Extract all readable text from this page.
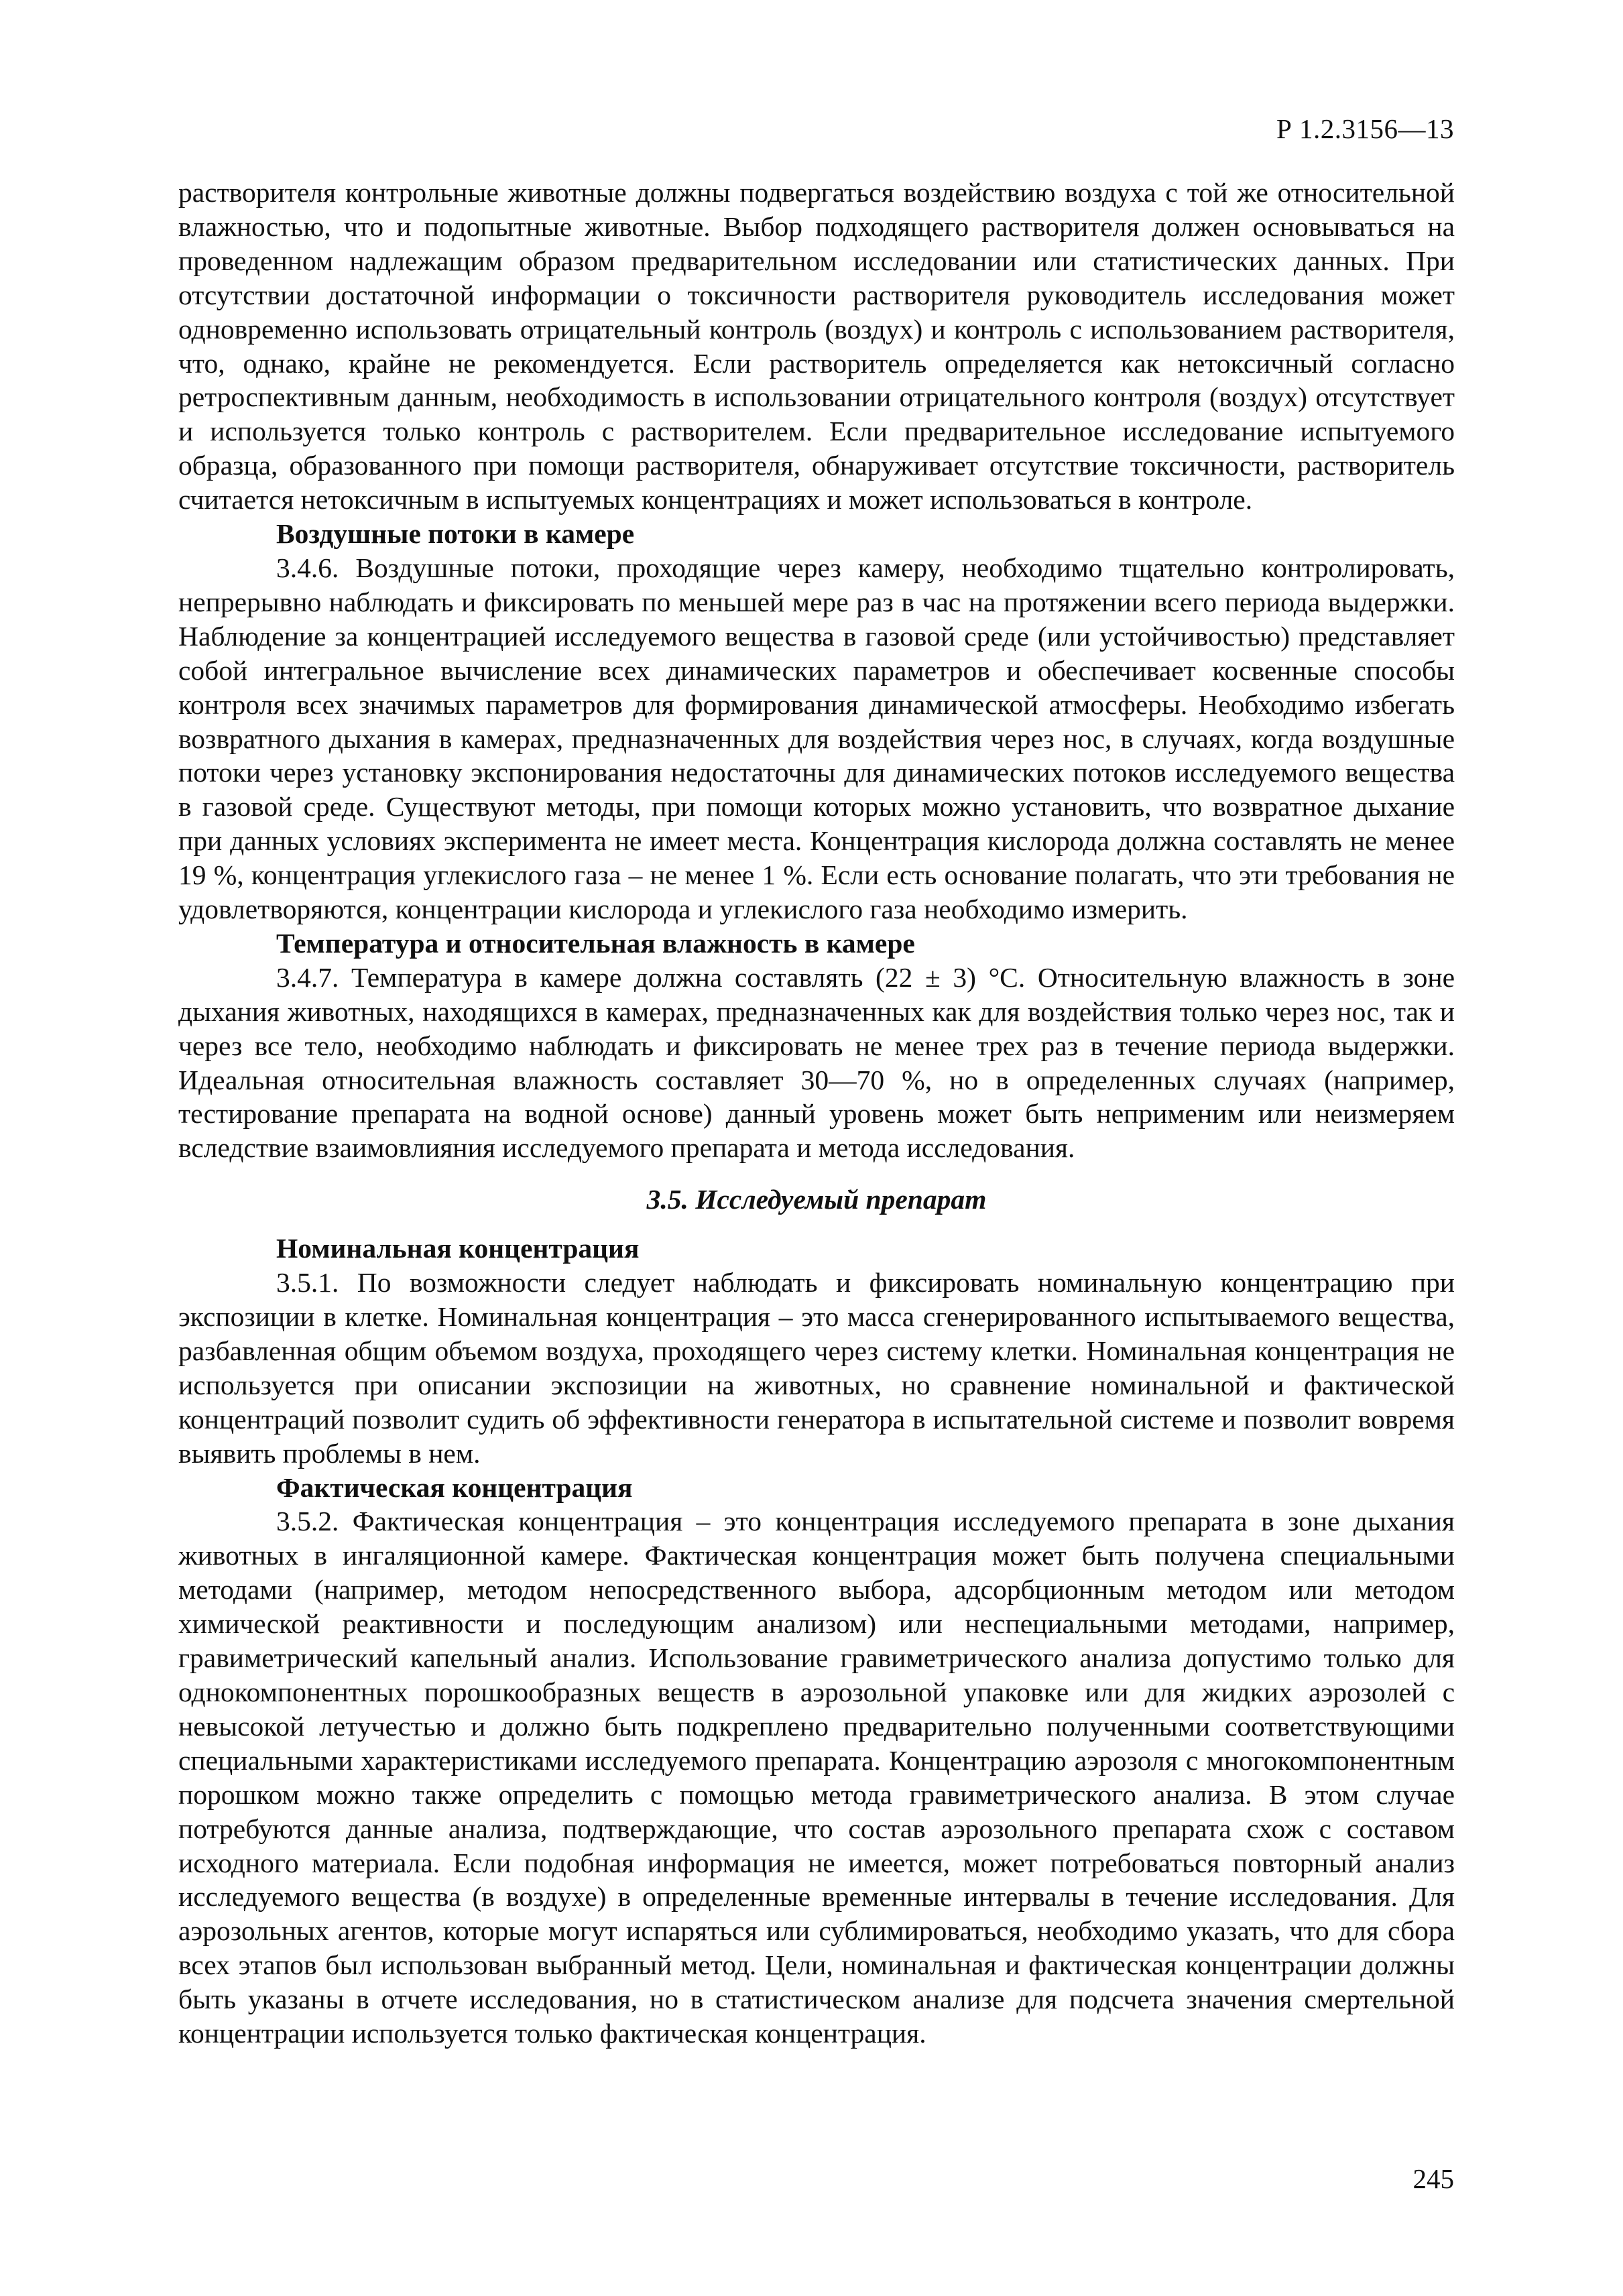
Р 1.2.3156—13

растворителя контрольные животные должны подвергаться воздействию воздуха с той же относительной влажностью, что и подопытные животные. Выбор подходящего растворителя должен основываться на проведенном надлежащим образом предварительном исследовании или статистических данных. При отсутствии достаточной информации о токсичности растворителя руководитель исследования может одновременно использовать отрицательный контроль (воздух) и контроль с использованием растворителя, что, однако, крайне не рекомендуется. Если растворитель определяется как нетоксичный согласно ретроспективным данным, необходимость в использовании отрицательного контроля (воздух) отсутствует и используется только контроль с растворителем. Если предварительное исследование испытуемого образца, образованного при помощи растворителя, обнаруживает отсутствие токсичности, растворитель считается нетоксичным в испытуемых концентрациях и может использоваться в контроле.

Воздушные потоки в камере

3.4.6. Воздушные потоки, проходящие через камеру, необходимо тщательно контролировать, непрерывно наблюдать и фиксировать по меньшей мере раз в час на протяжении всего периода выдержки. Наблюдение за концентрацией исследуемого вещества в газовой среде (или устойчивостью) представляет собой интегральное вычисление всех динамических параметров и обеспечивает косвенные способы контроля всех значимых параметров для формирования динамической атмосферы. Необходимо избегать возвратного дыхания в камерах, предназначенных для воздействия через нос, в случаях, когда воздушные потоки через установку экспонирования недостаточны для динамических потоков исследуемого вещества в газовой среде. Существуют методы, при помощи которых можно установить, что возвратное дыхание при данных условиях эксперимента не имеет места. Концентрация кислорода должна составлять не менее 19 %, концентрация углекислого газа – не менее 1 %. Если есть основание полагать, что эти требования не удовлетворяются, концентрации кислорода и углекислого газа необходимо измерить.

Температура и относительная влажность в камере

3.4.7. Температура в камере должна составлять (22 ± 3) °С. Относительную влажность в зоне дыхания животных, находящихся в камерах, предназначенных как для воздействия только через нос, так и через все тело, необходимо наблюдать и фиксировать не менее трех раз в течение периода выдержки. Идеальная относительная влажность составляет 30—70 %, но в определенных случаях (например, тестирование препарата на водной основе) данный уровень может быть неприменим или неизмеряем вследствие взаимовлияния исследуемого препарата и метода исследования.

3.5. Исследуемый препарат
Номинальная концентрация

3.5.1. По возможности следует наблюдать и фиксировать номинальную концентрацию при экспозиции в клетке. Номинальная концентрация – это масса сгенерированного испытываемого вещества, разбавленная общим объемом воздуха, проходящего через систему клетки. Номинальная концентрация не используется при описании экспозиции на животных, но сравнение номинальной и фактической концентраций позволит судить об эффективности генератора в испытательной системе и позволит вовремя выявить проблемы в нем.

Фактическая концентрация

3.5.2. Фактическая концентрация – это концентрация исследуемого препарата в зоне дыхания животных в ингаляционной камере. Фактическая концентрация может быть получена специальными методами (например, методом непосредственного выбора, адсорбционным методом или методом химической реактивности и последующим анализом) или неспециальными методами, например, гравиметрический капельный анализ. Использование гравиметрического анализа допустимо только для однокомпонентных порошкообразных веществ в аэрозольной упаковке или для жидких аэрозолей с невысокой летучестью и должно быть подкреплено предварительно полученными соответствующими специальными характеристиками исследуемого препарата. Концентрацию аэрозоля с многокомпонентным порошком можно также определить с помощью метода гравиметрического анализа. В этом случае потребуются данные анализа, подтверждающие, что состав аэрозольного препарата схож с составом исходного материала. Если подобная информация не имеется, может потребоваться повторный анализ исследуемого вещества (в воздухе) в определенные временные интервалы в течение исследования. Для аэрозольных агентов, которые могут испаряться или сублимироваться, необходимо указать, что для сбора всех этапов был использован выбранный метод. Цели, номинальная и фактическая концентрации должны быть указаны в отчете исследования, но в статистическом анализе для подсчета значения смертельной концентрации используется только фактическая концентрация.

245
